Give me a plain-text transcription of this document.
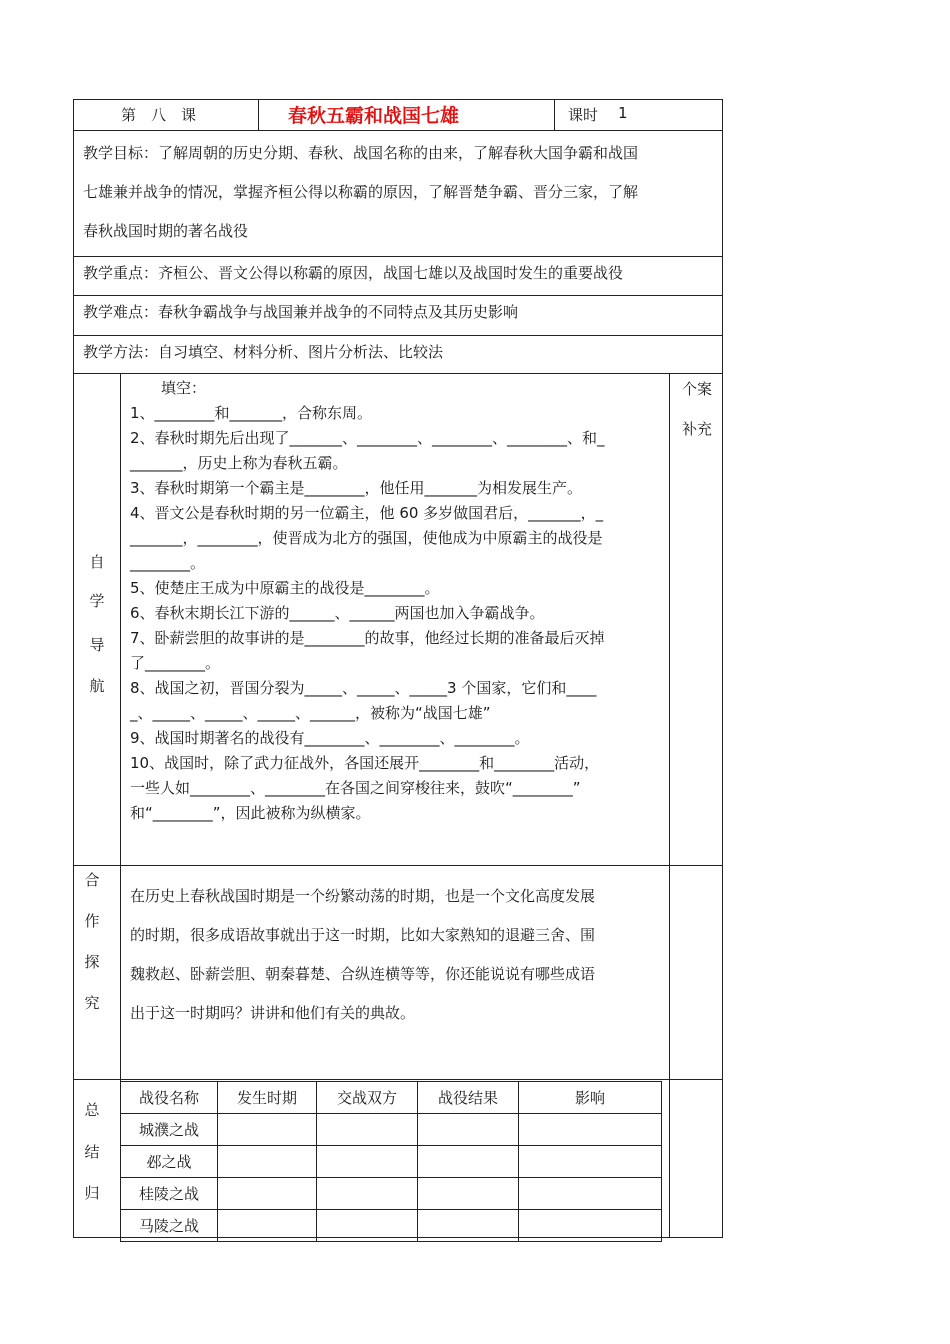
第　八　课	春秋五霸和战国七雄	课时 1
教学目标：了解周朝的历史分期、春秋、战国名称的由来，了解春秋大国争霸和战国
七雄兼并战争的情况，掌握齐桓公得以称霸的原因，了解晋楚争霸、晋分三家，了解
春秋战国时期的著名战役
教学重点：齐桓公、晋文公得以称霸的原因，战国七雄以及战国时发生的重要战役
教学难点：春秋争霸战争与战国兼并战争的不同特点及其历史影响
教学方法：自习填空、材料分析、图片分析法、比较法
自
学
导
航
个案
补充
填空：
1、________和_______，合称东周。
2、春秋时期先后出现了_______、________、________、________、和_
_______，历史上称为春秋五霸。
3、春秋时期第一个霸主是________，他任用_______为相发展生产。
4、晋文公是春秋时期的另一位霸主，他 60 多岁做国君后，_______，_
_______，________，使晋成为北方的强国，使他成为中原霸主的战役是
________。
5、使楚庄王成为中原霸主的战役是________。
6、春秋末期长江下游的______、______两国也加入争霸战争。
7、卧薪尝胆的故事讲的是________的故事，他经过长期的准备最后灭掉
了________。
8、战国之初，晋国分裂为_____、_____、_____3 个国家，它们和____
_、_____、_____、_____、______，被称为“战国七雄”
9、战国时期著名的战役有________、________、________。
10、战国时，除了武力征战外，各国还展开________和________活动，
一些人如________、________在各国之间穿梭往来，鼓吹“________”
和“________”，因此被称为纵横家。
合
作
探
究
在历史上春秋战国时期是一个纷繁动荡的时期，也是一个文化高度发展
的时期，很多成语故事就出于这一时期，比如大家熟知的退避三舍、围
魏救赵、卧薪尝胆、朝秦暮楚、合纵连横等等，你还能说说有哪些成语
出于这一时期吗？讲讲和他们有关的典故。
总
结
归
战役名称	发生时期	交战双方	战役结果	影响
城濮之战				
邲之战				
桂陵之战				
马陵之战				
